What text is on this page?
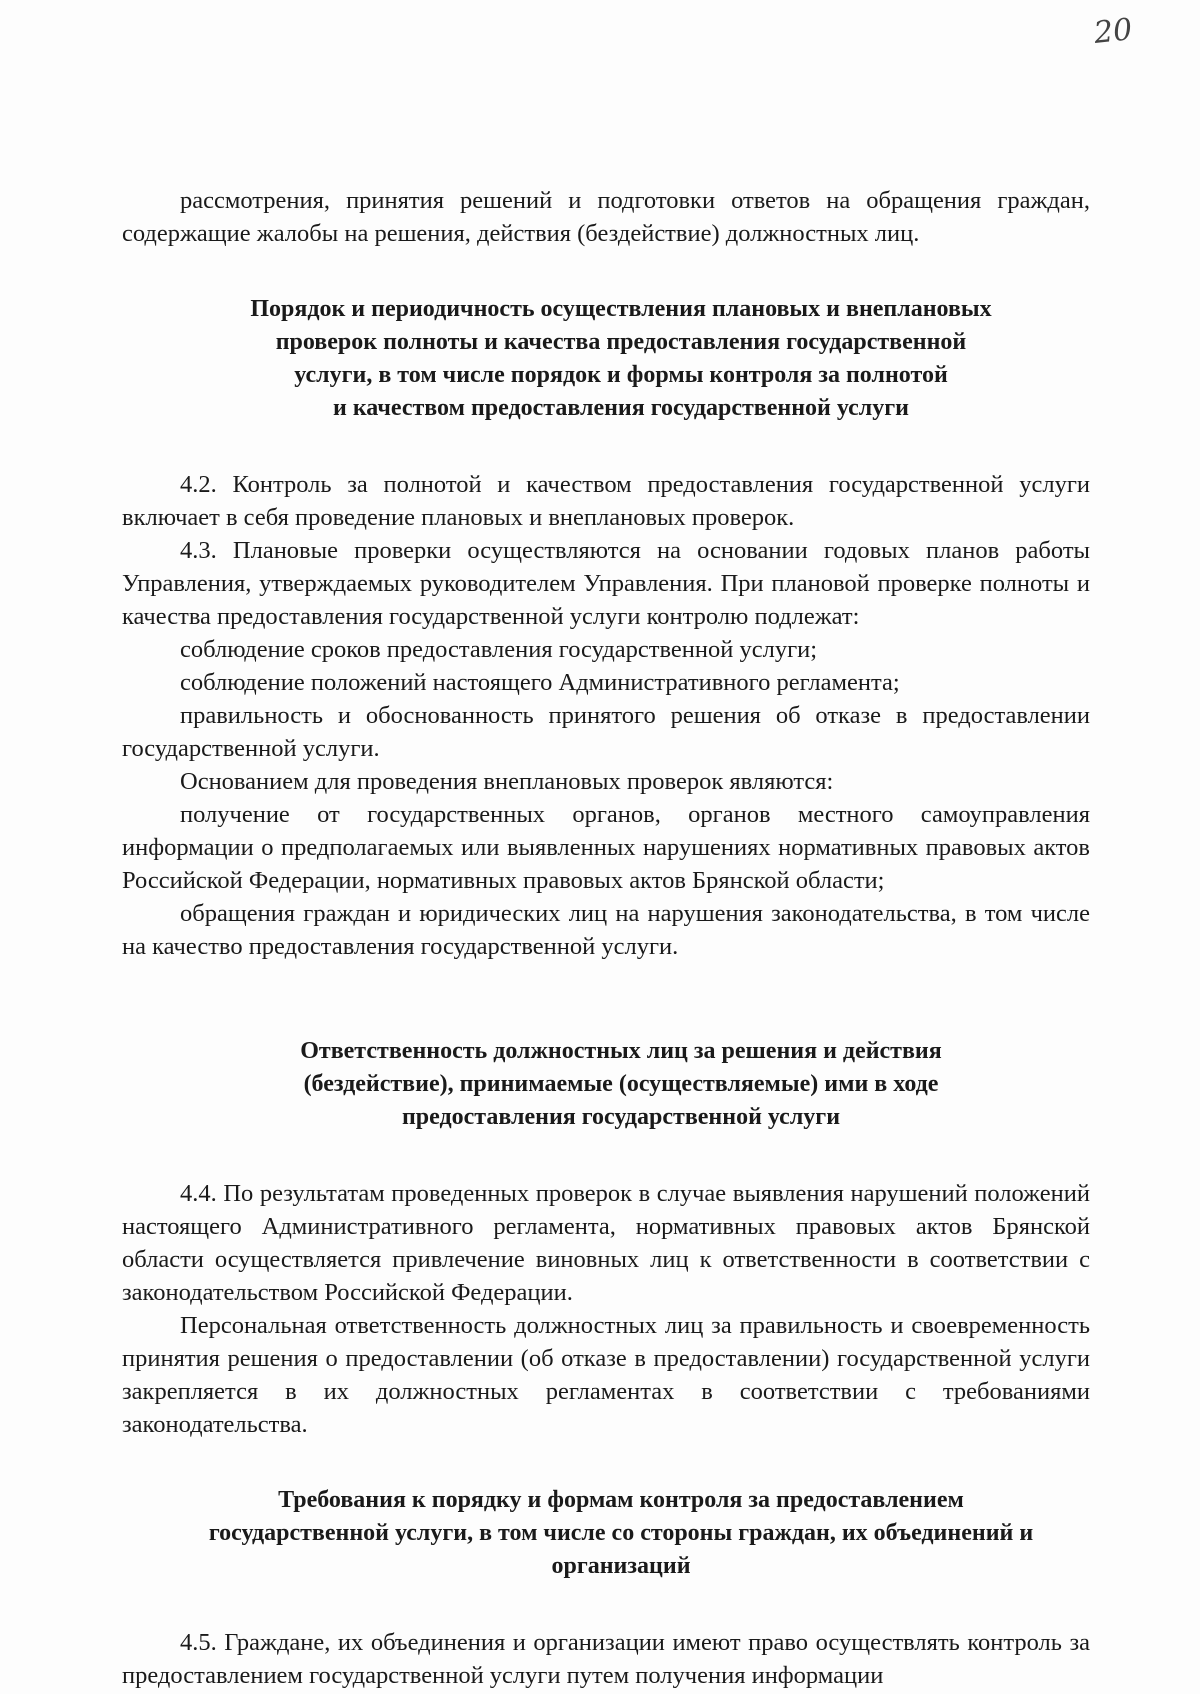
20

рассмотрения, принятия решений и подготовки ответов на обращения граждан, содержащие жалобы на решения, действия (бездействие) должностных лиц.

Порядок и периодичность осуществления плановых и внеплановых
проверок полноты и качества предоставления государственной
услуги, в том числе порядок и формы контроля за полнотой
и качеством предоставления государственной услуги

4.2. Контроль за полнотой и качеством предоставления государственной услуги включает в себя проведение плановых и внеплановых проверок.

4.3. Плановые проверки осуществляются на основании годовых планов работы Управления, утверждаемых руководителем Управления. При плановой проверке полноты и качества предоставления государственной услуги контролю подлежат:

соблюдение сроков предоставления государственной услуги;

соблюдение положений настоящего Административного регламента;

правильность и обоснованность принятого решения об отказе в предоставлении государственной услуги.

Основанием для проведения внеплановых проверок являются:

получение от государственных органов, органов местного самоуправления информации о предполагаемых или выявленных нарушениях нормативных правовых актов Российской Федерации, нормативных правовых актов Брянской области;

обращения граждан и юридических лиц на нарушения законодательства, в том числе на качество предоставления государственной услуги.

Ответственность должностных лиц за решения и действия
(бездействие), принимаемые (осуществляемые) ими в ходе
предоставления государственной услуги

4.4. По результатам проведенных проверок в случае выявления нарушений положений настоящего Административного регламента, нормативных правовых актов Брянской области осуществляется привлечение виновных лиц к ответственности в соответствии с законодательством Российской Федерации.

Персональная ответственность должностных лиц за правильность и своевременность принятия решения о предоставлении (об отказе в предоставлении) государственной услуги закрепляется в их должностных регламентах в соответствии с требованиями законодательства.

Требования к порядку и формам контроля за предоставлением
государственной услуги, в том числе со стороны граждан, их объединений и
организаций

4.5. Граждане, их объединения и организации имеют право осуществлять контроль за предоставлением государственной услуги путем получения информации
